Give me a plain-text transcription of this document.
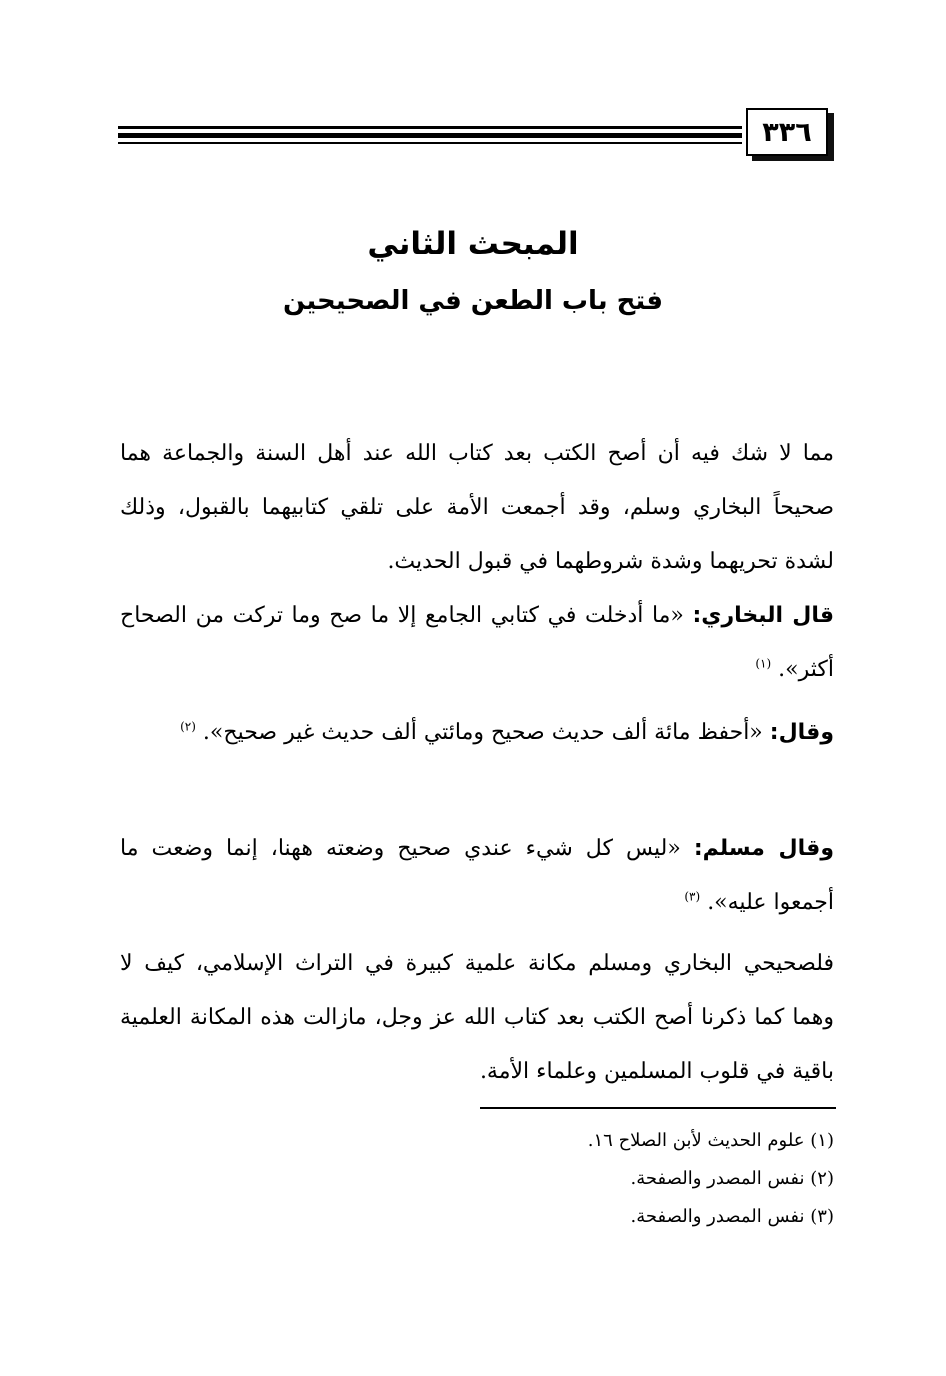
٣٣٦
المبحث الثاني
فتح باب الطعن في الصحيحين
مما لا شك فيه أن أصح الكتب بعد كتاب الله عند أهل السنة والجماعة هما صحيحاً البخاري وسلم، وقد أجمعت الأمة على تلقي كتابيهما بالقبول، وذلك لشدة تحريهما وشدة شروطهما في قبول الحديث.
قال البخاري: «ما أدخلت في كتابي الجامع إلا ما صح وما تركت من الصحاح أكثر». $^{(١)}$
وقال: «أحفظ مائة ألف حديث صحيح ومائتي ألف حديث غير صحيح». $^{(٢)}$
وقال مسلم: «ليس كل شيء عندي صحيح وضعته ههنا، إنما وضعت ما أجمعوا عليه». $^{(٣)}$
فلصحيحي البخاري ومسلم مكانة علمية كبيرة في التراث الإسلامي، كيف لا وهما كما ذكرنا أصح الكتب بعد كتاب الله عز وجل، مازالت هذه المكانة العلمية باقية في قلوب المسلمين وعلماء الأمة.
(١) علوم الحديث لأبن الصلاح ١٦.
(٢) نفس المصدر والصفحة.
(٣) نفس المصدر والصفحة.
